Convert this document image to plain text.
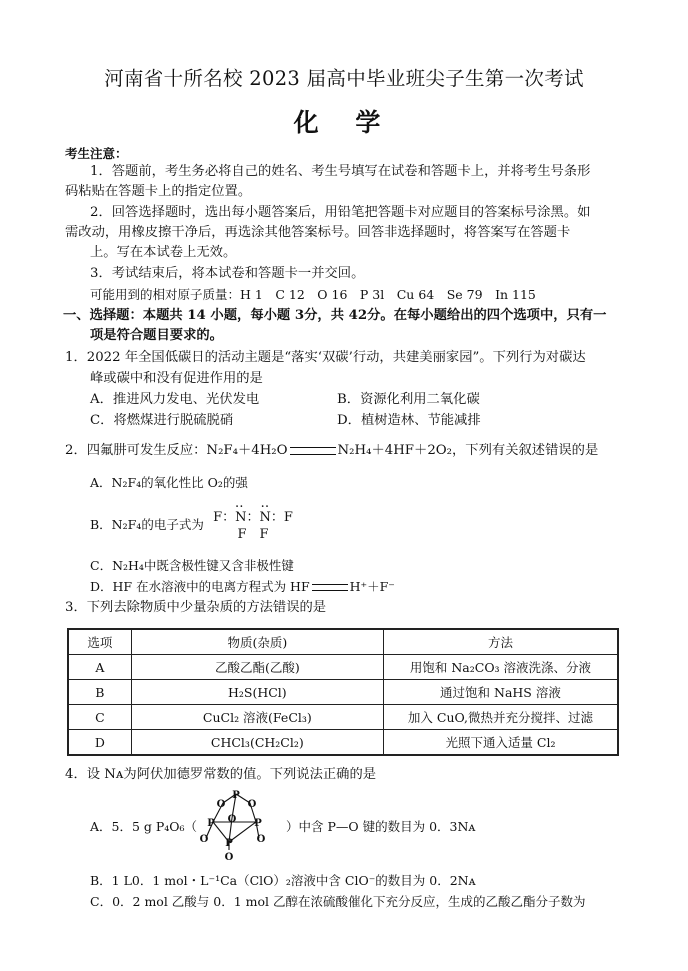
河南省十所名校 2023 届高中毕业班尖子生第一次考试
化 学
考生注意：
1．答题前，考生务必将自己的姓名、考生号填写在试卷和答题卡上，并将考生号条形
码粘贴在答题卡上的指定位置。
2．回答选择题时，选出每小题答案后，用铅笔把答题卡对应题目的答案标号涂黑。如
需改动，用橡皮擦干净后，再选涂其他答案标号。回答非选择题时，将答案写在答题卡
上。写在本试卷上无效。
3．考试结束后，将本试卷和答题卡一并交回。
可能用到的相对原子质量：H 1　C 12　O 16　P 3l　Cu 64　Se 79　In 115
一、选择题：本题共 14 小题，每小题 3分，共 42分。在每小题给出的四个选项中，只有一
项是符合题目要求的。
1．2022 年全国低碳日的活动主题是“落实‘双碳’行动，共建美丽家园”。下列行为对碳达
峰或碳中和没有促进作用的是
A．推进风力发电、光伏发电	B．资源化利用二氧化碳
C．将燃煤进行脱硫脱硝	D．植树造林、节能减排
2．四氟肼可发生反应：N₂F₄＋4H₂O	N₂H₄＋4HF＋2O₂，下列有关叙述错误的是
A．N₂F₄的氧化性比 O₂的强
B．N₂F₄的电子式为
‥　‥
F：N：N：F
F　F
C．N₂H₄中既含极性键又含非极性键
D．HF 在水溶液中的电离方程式为 HF	H⁺＋F⁻
3．下列去除物质中少量杂质的方法错误的是
选项	物质(杂质)	方法
A	乙酸乙酯(乙酸)	用饱和 Na₂CO₃ 溶液洗涤、分液
B	H₂S(HCl)	通过饱和 NaHS 溶液
C	CuCl₂ 溶液(FeCl₃)	加入 CuO,微热并充分搅拌、过滤
D	CHCl₃(CH₂Cl₂)	光照下通入适量 Cl₂
4．设 Nᴀ为阿伏加德罗常数的值。下列说法正确的是
A．5．5 g P₄O₆（
P
O O
O
P	P
O	O
P
O
）中含 P—O 键的数目为 0．3Nᴀ
B．1 L0．1 mol・L⁻¹Ca（ClO）₂溶液中含 ClO⁻的数目为 0．2Nᴀ
C．0．2 mol 乙酸与 0．1 mol 乙醇在浓硫酸催化下充分反应，生成的乙酸乙酯分子数为
